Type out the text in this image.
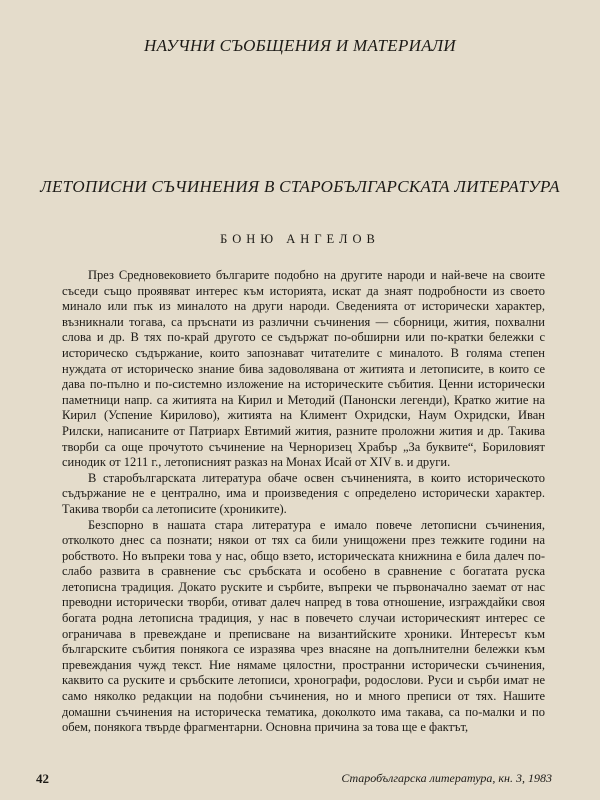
НАУЧНИ СЪОБЩЕНИЯ И МАТЕРИАЛИ
ЛЕТОПИСНИ СЪЧИНЕНИЯ В СТАРОБЪЛГАРСКАТА ЛИТЕРАТУРА
БОНЮ АНГЕЛОВ

През Средновековието българите подобно на другите народи и най-вече на своите съседи също проявяват интерес към историята, искат да знаят подробности из своето минало или пък из миналото на други народи. Сведенията от исторически характер, възникнали тогава, са пръснати из различни съчинения — сборници, жития, похвални слова и др. В тях по-край другото се съдържат по-обширни или по-кратки бележки с историческо съдържание, които запознават читателите с миналото. В голяма степен нуждата от историческо знание бива задоволявана от житията и летописите, в които се дава по-пълно и по-системно изложение на историческите събития. Ценни исторически паметници напр. са житията на Кирил и Методий (Панонски легенди), Кратко житие на Кирил (Успение Кирилово), житията на Климент Охридски, Наум Охридски, Иван Рилски, написаните от Патриарх Евтимий жития, разните проложни жития и др. Такива творби са още прочутото съчинение на Черноризец Храбър „За буквите“, Бориловият синодик от 1211 г., летописният разказ на Монах Исай от XIV в. и други.

В старобългарската литература обаче освен съчиненията, в които историческото съдържание не е централно, има и произведения с определено исторически характер. Такива творби са летописите (хрониките).

Безспорно в нашата стара литература е имало повече летописни съчинения, отколкото днес са познати; някои от тях са били унищожени през тежките години на робството. Но въпреки това у нас, общо взето, историческата книжнина е била далеч по-слабо развита в сравнение със сръбската и особено в сравнение с богатата руска летописна традиция. Докато руските и сърбите, въпреки че първоначално заемат от нас преводни исторически творби, отиват далеч напред в това отношение, изграждайки своя богата родна летописна традиция, у нас в повечето случаи историческият интерес се ограничава в превеждане и преписване на византийските хроники. Интересът към българските събития понякога се изразява чрез внасяне на допълнителни бележки към превеждания чужд текст. Ние нямаме цялостни, пространни исторически съчинения, каквито са руските и сръбските летописи, хронографи, родослови. Руси и сърби имат не само няколко редакции на подобни съчинения, но и много преписи от тях. Нашите домашни съчинения на историческа тематика, доколкото има такава, са по-малки и по обем, понякога твърде фрагментарни. Основна причина за това ще е фактът,

42	Старобългарска литература, кн. 3, 1983
